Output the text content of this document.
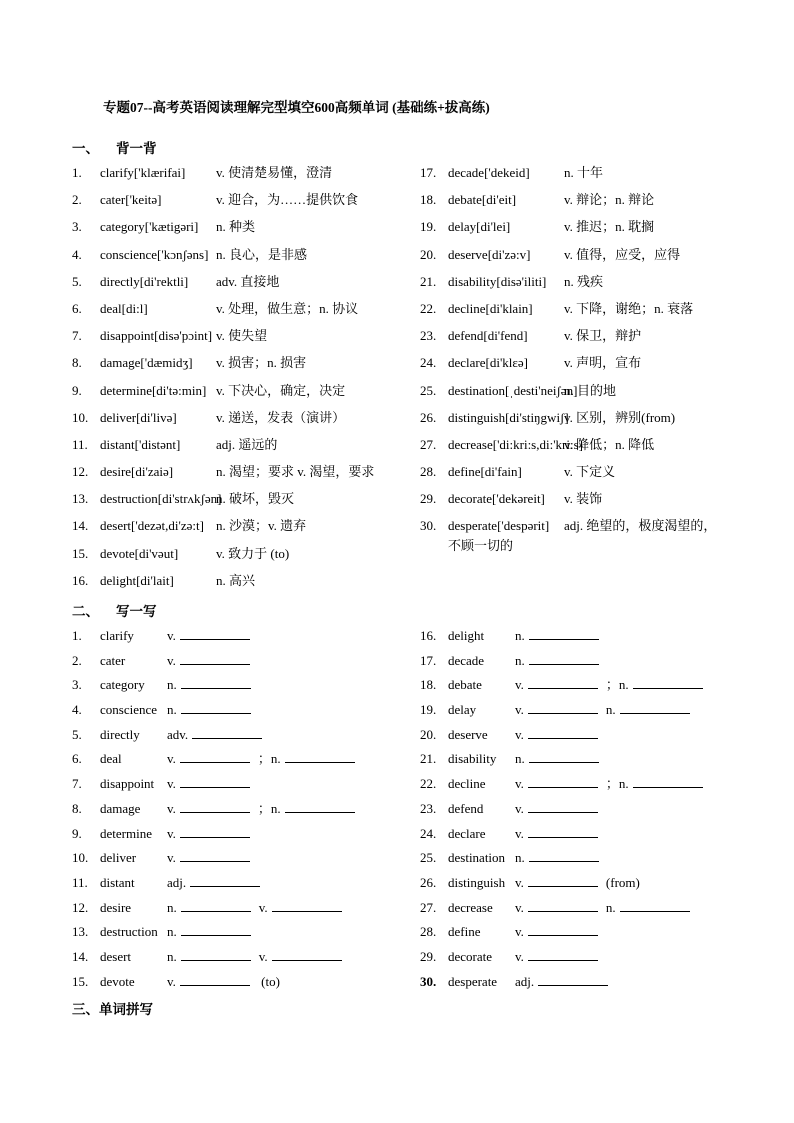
专题07--高考英语阅读理解完型填空600高频单词 (基础练+拔高练)
一、 背一背
二、 写一写
三、单词拼写
1.	clarify['klærifai] v. 使清楚易懂，澄清
2.	cater['keitə]	v. 迎合，为……提供饮食
3.	category['kætigəri] n. 种类
4.	conscience['kɔnʃəns] n. 良心，是非感
5.	directly[di'rektli] adv. 直接地
6.	deal[di:l]	v. 处理，做生意；n. 协议
7.	disappoint[disə'pɔint] v. 使失望
8.	damage['dæmidʒ] v. 损害；n. 损害
9.	determine[di'tə:min] v. 下决心，确定，决定
10. deliver[di'livə]	v. 递送，发表（演讲）
11. distant['distənt]	adj. 遥远的
12. desire[di'zaiə]	n. 渴望；要求 v. 渴望，要求
13. destruction[di'strʌkʃən]
n. 破坏，毁灭
14. desert['dezət,di'zə:t] n. 沙漠；v. 遗弃
15. devote[di'vəut]	v. 致力于 (to)
16. delight[di'lait]	n. 高兴
17. decade['dekeid]	n. 十年
18. debate[di'eit]	v. 辩论；n. 辩论
19. delay[di'lei]	v. 推迟；n. 耽搁
20. deserve[di'zə:v]	v. 值得，应受，应得
21. disability[disə'iliti] n. 残疾
22. decline[di'klain] v. 下降，谢绝；n. 衰落
23. defend[di'fend]	v. 保卫，辩护
24. declare[di'klɛə]	v. 声明，宣布
25. destination[ˌdesti'neiʃən]
n. 目的地
26. distinguish[di'stiŋgwiʃ]
v. 区别，辨别(from)
27. decrease['di:kri:s,di:'kri:s]
v. 降低；n. 降低
28. define[di'fain]	v. 下定义
29. decorate['dekəreit] v. 装饰
30. desperate['despərit] adj. 绝望的，极度渴望的，
不顾一切的
1.	clarify	v.
2.	cater	v.
3.	category n.
4.	conscience n.
5.	directly adv.
6.	deal	v.	；n.
7.	disappoint v.
8.	damage v.	；n.
9.	determine v.
10. deliver v.
11. distant adj.
12. desire	n.	v.
13. destruction n.
14. desert	n.	v.
15. devote v.	(to)
16. delight n.
17. decade n.
18. debate	v.	；n.
19. delay	v.	n.
20. deserve v.
21. disability n.
22. decline v.	；n.
23. defend v.
24. declare v.
25. destination n.
26. distinguish v.	(from)
27. decrease v.	n.
28. define	v.
29. decorate v.
30. desperate adj.
